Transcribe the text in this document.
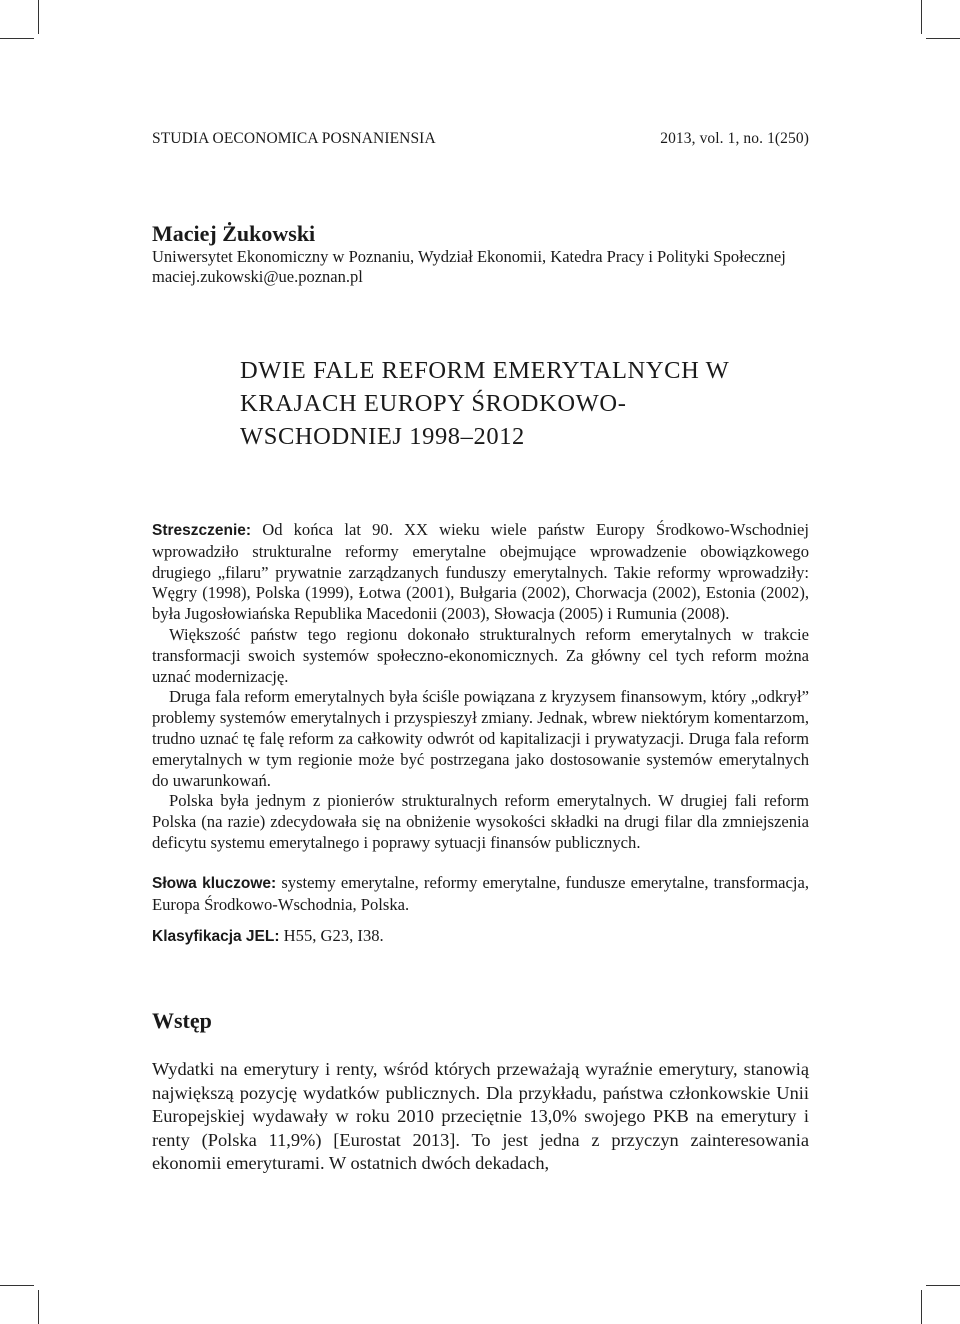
STUDIA OECONOMICA POSNANIENSIA	2013, vol. 1, no. 1(250)

Maciej Żukowski

Uniwersytet Ekonomiczny w Poznaniu, Wydział Ekonomii, Katedra Pracy i Polityki Społecznej

maciej.zukowski@ue.poznan.pl

DWIE FALE REFORM EMERYTALNYCH W KRAJACH EUROPY ŚRODKOWO-WSCHODNIEJ 1998–2012

Streszczenie: Od końca lat 90. XX wieku wiele państw Europy Środkowo-Wschodniej wprowadziło strukturalne reformy emerytalne obejmujące wprowadzenie obowiązkowego drugiego „filaru” prywatnie zarządzanych funduszy emerytalnych. Takie reformy wprowadziły: Węgry (1998), Polska (1999), Łotwa (2001), Bułgaria (2002), Chorwacja (2002), Estonia (2002), była Jugosłowiańska Republika Macedonii (2003), Słowacja (2005) i Rumunia (2008).

Większość państw tego regionu dokonało strukturalnych reform emerytalnych w trakcie transformacji swoich systemów społeczno-ekonomicznych. Za główny cel tych reform można uznać modernizację.

Druga fala reform emerytalnych była ściśle powiązana z kryzysem finansowym, który „odkrył” problemy systemów emerytalnych i przyspieszył zmiany. Jednak, wbrew niektórym komentarzom, trudno uznać tę falę reform za całkowity odwrót od kapitalizacji i prywatyzacji. Druga fala reform emerytalnych w tym regionie może być postrzegana jako dostosowanie systemów emerytalnych do uwarunkowań.

Polska była jednym z pionierów strukturalnych reform emerytalnych. W drugiej fali reform Polska (na razie) zdecydowała się na obniżenie wysokości składki na drugi filar dla zmniejszenia deficytu systemu emerytalnego i poprawy sytuacji finansów publicznych.

Słowa kluczowe: systemy emerytalne, reformy emerytalne, fundusze emerytalne, transformacja, Europa Środkowo-Wschodnia, Polska.

Klasyfikacja JEL: H55, G23, I38.

Wstęp

Wydatki na emerytury i renty, wśród których przeważają wyraźnie emerytury, stanowią największą pozycję wydatków publicznych. Dla przykładu, państwa członkowskie Unii Europejskiej wydawały w roku 2010 przeciętnie 13,0% swojego PKB na emerytury i renty (Polska 11,9%) [Eurostat 2013]. To jest jedna z przyczyn zainteresowania ekonomii emeryturami. W ostatnich dwóch dekadach,
